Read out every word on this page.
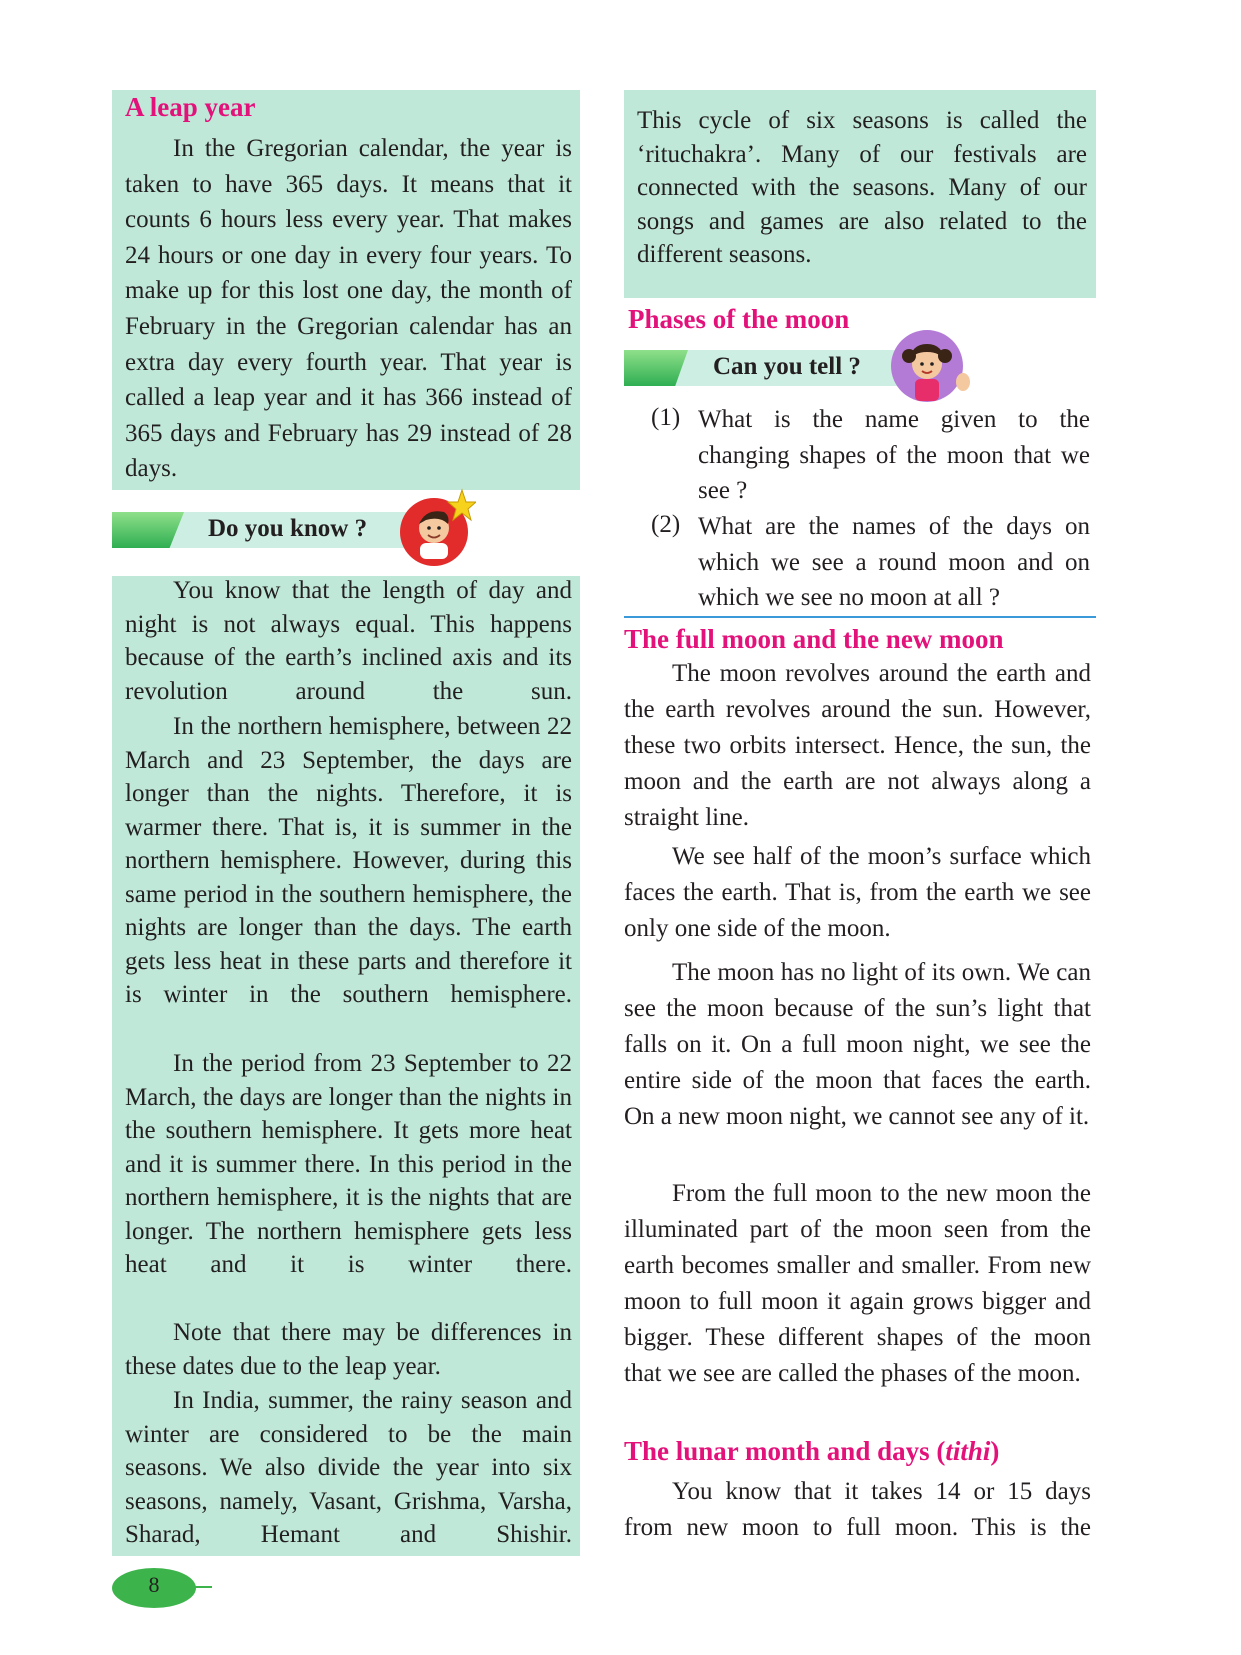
A leap year

In the Gregorian calendar, the year is taken to have 365 days. It means that it counts 6 hours less every year. That makes 24 hours or one day in every four years. To make up for this lost one day, the month of February in the Gregorian calendar has an extra day every fourth year. That year is called a leap year and it has 366 instead of 365 days and February has 29 instead of 28 days.

Do you know ?

You know that the length of day and night is not always equal. This happens because of the earth’s inclined axis and its revolution around the sun.

In the northern hemisphere, between 22 March and 23 September, the days are longer than the nights. Therefore, it is warmer there. That is, it is summer in the northern hemisphere. However, during this same period in the southern hemisphere, the nights are longer than the days. The earth gets less heat in these parts and therefore it is winter in the southern hemisphere.

In the period from 23 September to 22 March, the days are longer than the nights in the southern hemisphere. It gets more heat and it is summer there. In this period in the northern hemisphere, it is the nights that are longer. The northern hemisphere gets less heat and it is winter there.

Note that there may be differences in these dates due to the leap year.

In India, summer, the rainy season and winter are considered to be the main seasons. We also divide the year into six seasons, namely, Vasant, Grishma, Varsha, Sharad, Hemant and Shishir.

8

This cycle of six seasons is called the ‘rituchakra’. Many of our festivals are connected with the seasons. Many of our songs and games are also related to the different seasons.

Phases of the moon
Can you tell ?
(1) What is the name given to the changing shapes of the moon that we see ?

(2) What are the names of the days on which we see a round moon and on which we see no moon at all ?

The full moon and the new moon

The moon revolves around the earth and the earth revolves around the sun. However, these two orbits intersect. Hence, the sun, the moon and the earth are not always along a straight line.

We see half of the moon’s surface which faces the earth. That is, from the earth we see only one side of the moon.

The moon has no light of its own. We can see the moon because of the sun’s light that falls on it. On a full moon night, we see the entire side of the moon that faces the earth. On a new moon night, we cannot see any of it.

From the full moon to the new moon the illuminated part of the moon seen from the earth becomes smaller and smaller. From new moon to full moon it again grows bigger and bigger. These different shapes of the moon that we see are called the phases of the moon.

The lunar month and days (tithi)

You know that it takes 14 or 15 days from new moon to full moon. This is the
